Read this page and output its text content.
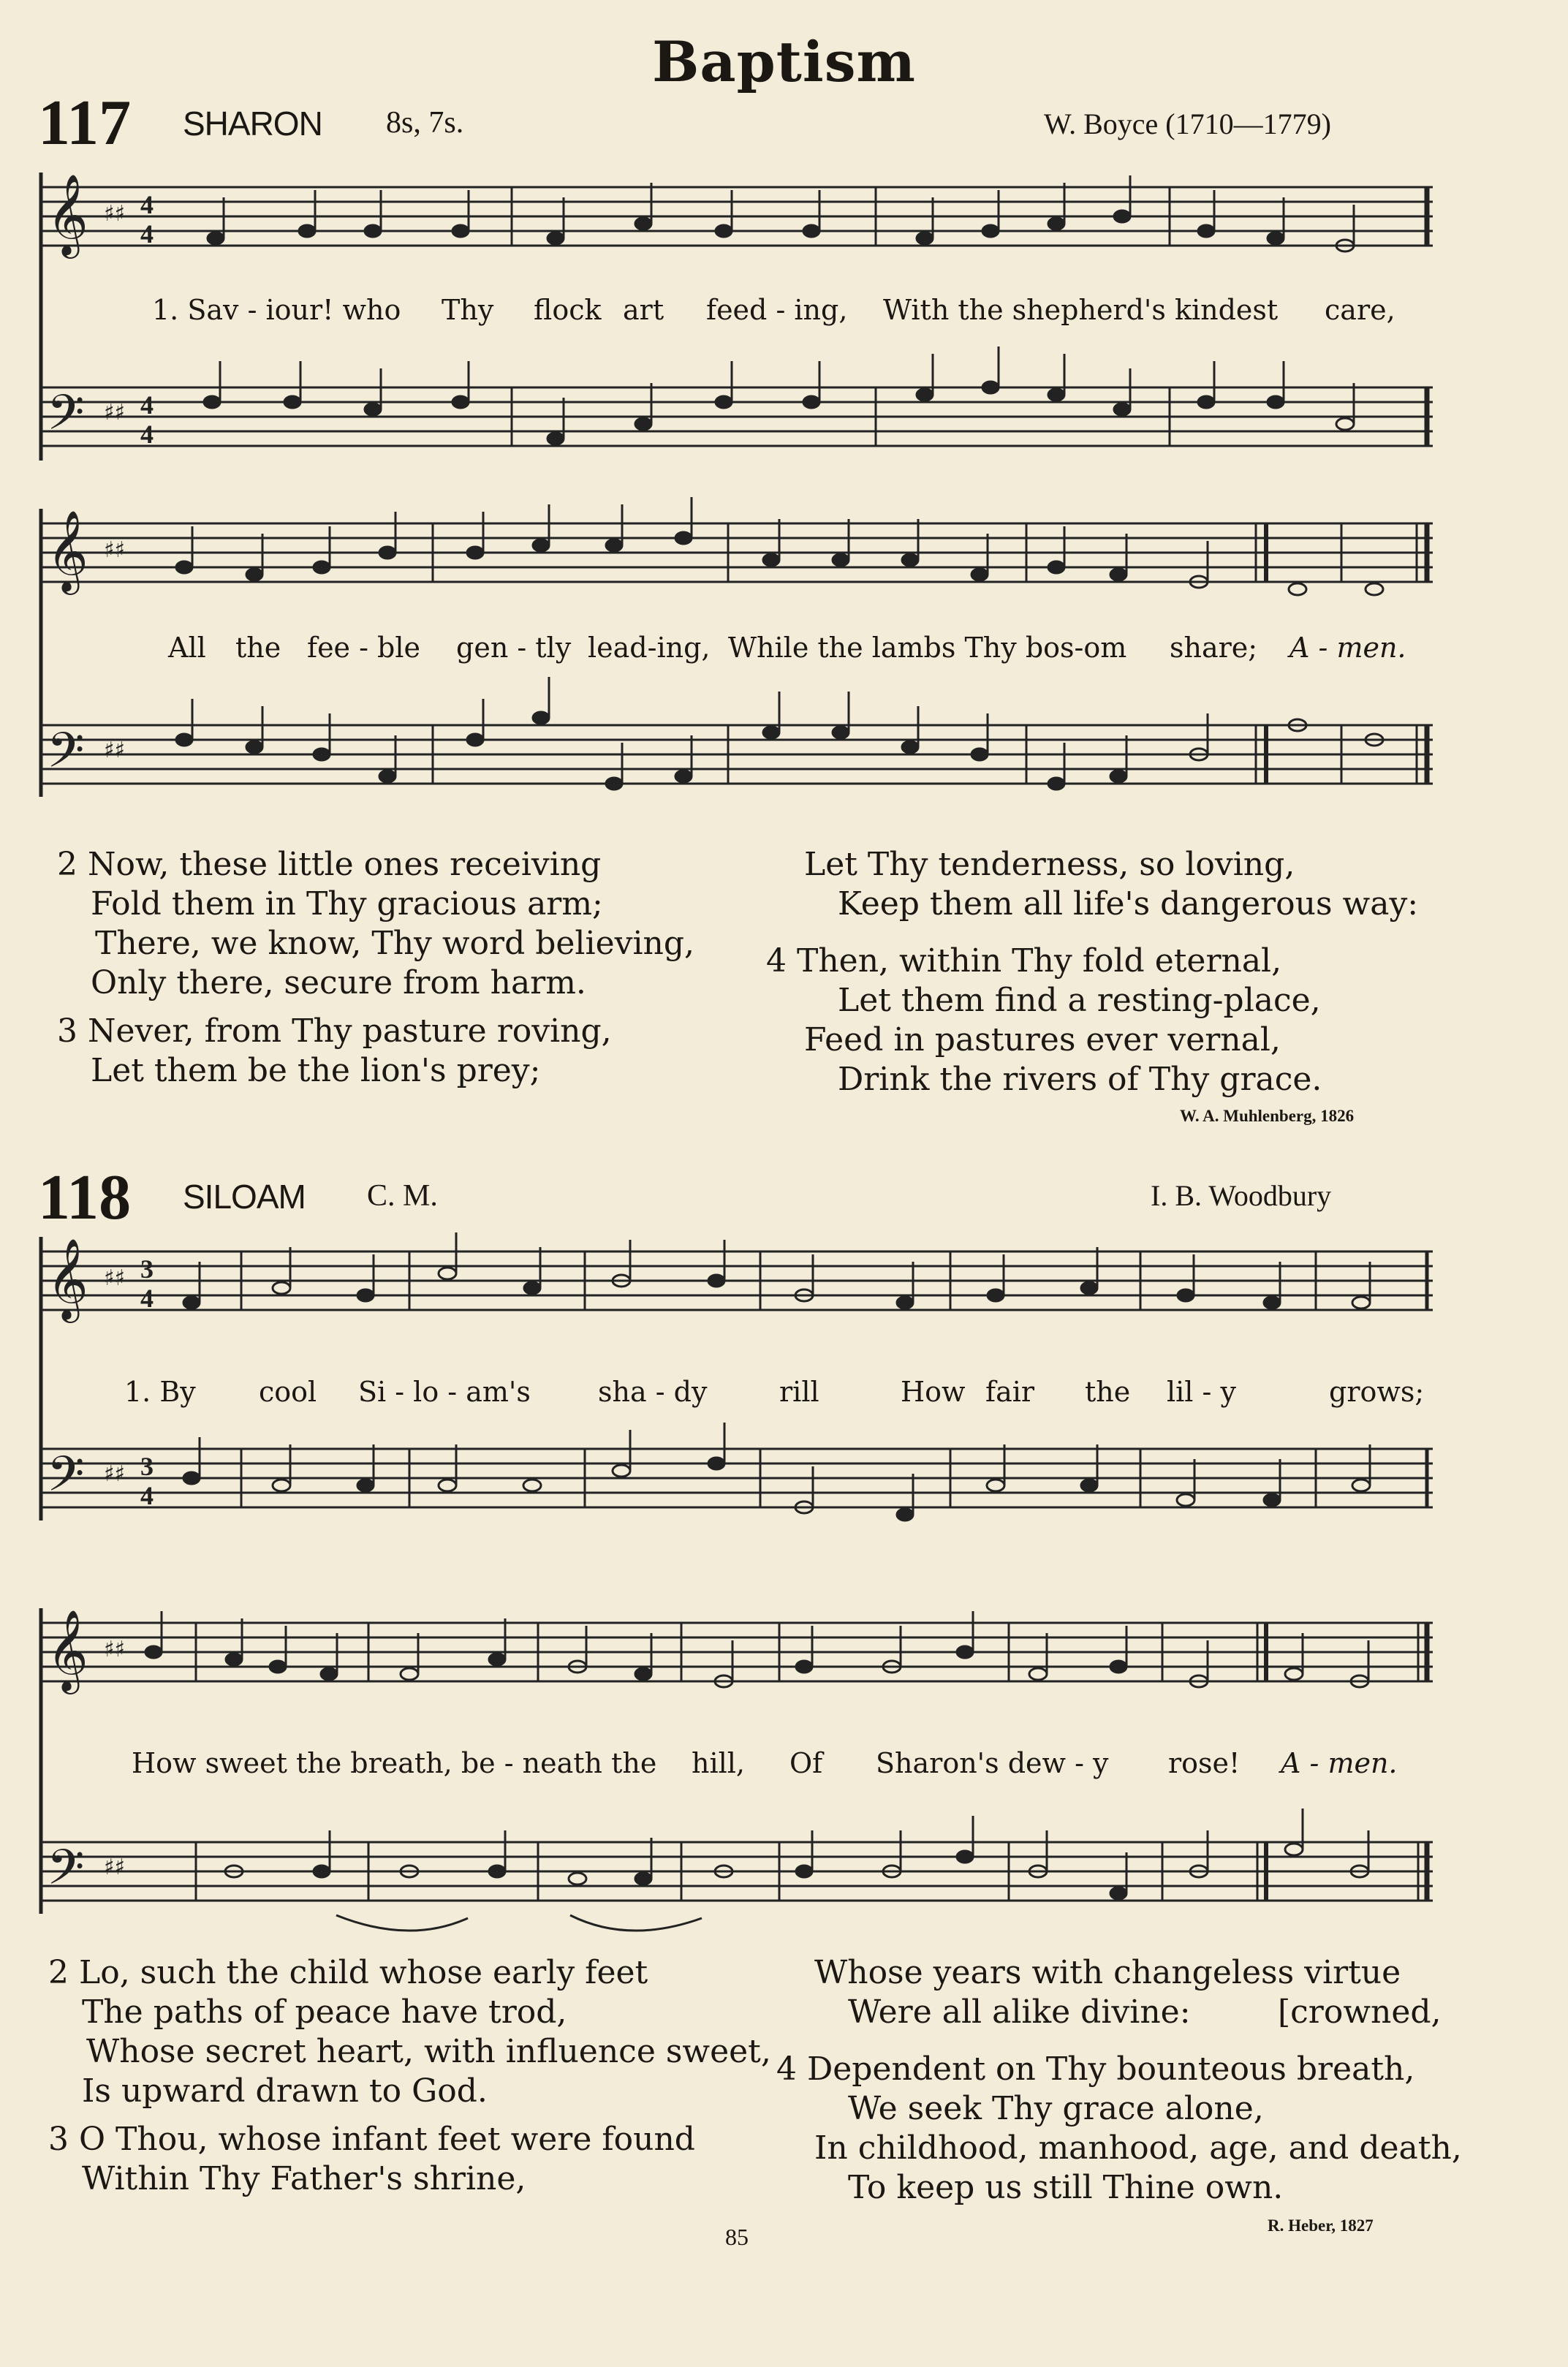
Baptism
117 SHARON 8s, 7s.	W. Boyce (1710—1779)
𝄞
𝄢
♯♯
♯♯
4
4
4
4
1. Sav - iour! who Thy flock art feed - ing, With the shepherd's kindest care,
𝄞
𝄢
♯♯
♯♯
All the fee - ble gen - tly lead-ing, While the lambs Thy bos-om share; A - men.
2 Now, these little ones receiving
Fold them in Thy gracious arm;
There, we know, Thy word believing,
Only there, secure from harm.
3 Never, from Thy pasture roving,
Let them be the lion's prey;
Let Thy tenderness, so loving,
Keep them all life's dangerous way:
4 Then, within Thy fold eternal,
Let them find a resting-place,
Feed in pastures ever vernal,
Drink the rivers of Thy grace.
W. A. Muhlenberg, 1826
118 SILOAM C. M.	I. B. Woodbury
𝄞
𝄢
♯♯
♯♯
3
4
3
4
1. By cool Si - lo - am's sha - dy	rill	How fair the lil - y	grows;
𝄞
𝄢
♯♯
♯♯
How sweet the breath, be - neath the hill, Of Sharon's dew - y rose! A - men.
2 Lo, such the child whose early feet
The paths of peace have trod,
Whose secret heart, with influence sweet,
Is upward drawn to God.
3 O Thou, whose infant feet were found
Within Thy Father's shrine,
Whose years with changeless virtue
Were all alike divine:	[crowned,
4 Dependent on Thy bounteous breath,
We seek Thy grace alone,
In childhood, manhood, age, and death,
To keep us still Thine own.
R. Heber, 1827
85
